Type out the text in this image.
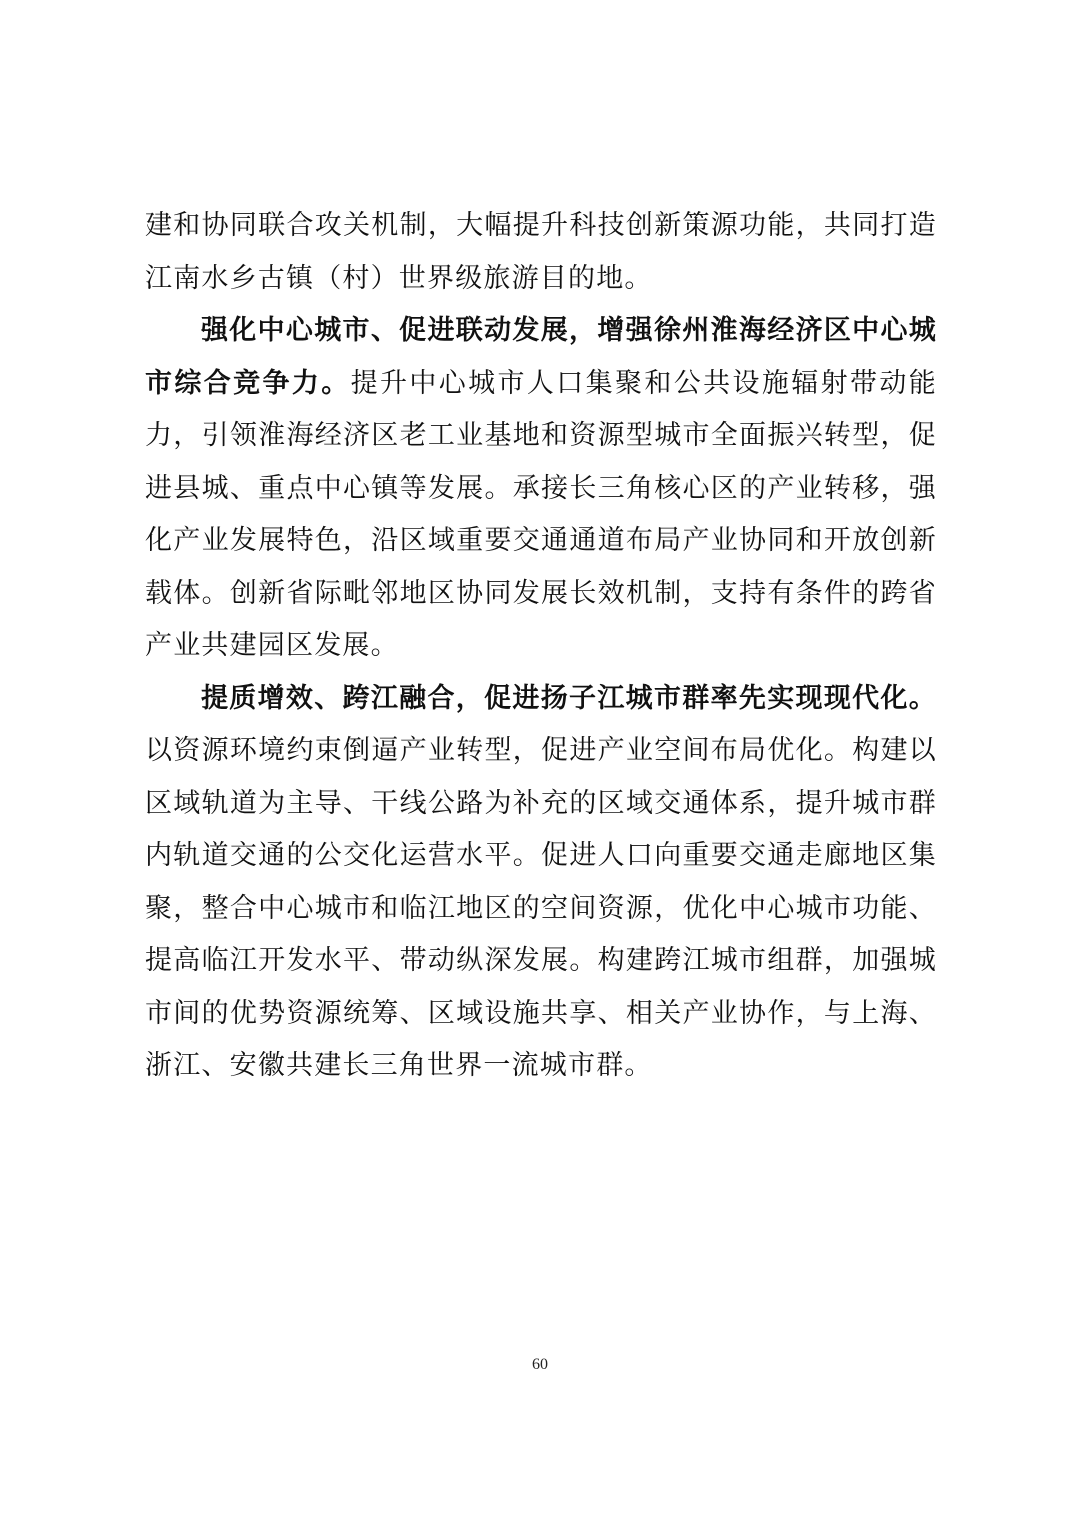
建和协同联合攻关机制，大幅提升科技创新策源功能，共同打造江南水乡古镇（村）世界级旅游目的地。

强化中心城市、促进联动发展，增强徐州淮海经济区中心城市综合竞争力。提升中心城市人口集聚和公共设施辐射带动能力，引领淮海经济区老工业基地和资源型城市全面振兴转型，促进县城、重点中心镇等发展。承接长三角核心区的产业转移，强化产业发展特色，沿区域重要交通通道布局产业协同和开放创新载体。创新省际毗邻地区协同发展长效机制，支持有条件的跨省产业共建园区发展。

提质增效、跨江融合，促进扬子江城市群率先实现现代化。以资源环境约束倒逼产业转型，促进产业空间布局优化。构建以区域轨道为主导、干线公路为补充的区域交通体系，提升城市群内轨道交通的公交化运营水平。促进人口向重要交通走廊地区集聚，整合中心城市和临江地区的空间资源，优化中心城市功能、提高临江开发水平、带动纵深发展。构建跨江城市组群，加强城市间的优势资源统筹、区域设施共享、相关产业协作，与上海、浙江、安徽共建长三角世界一流城市群。

60
